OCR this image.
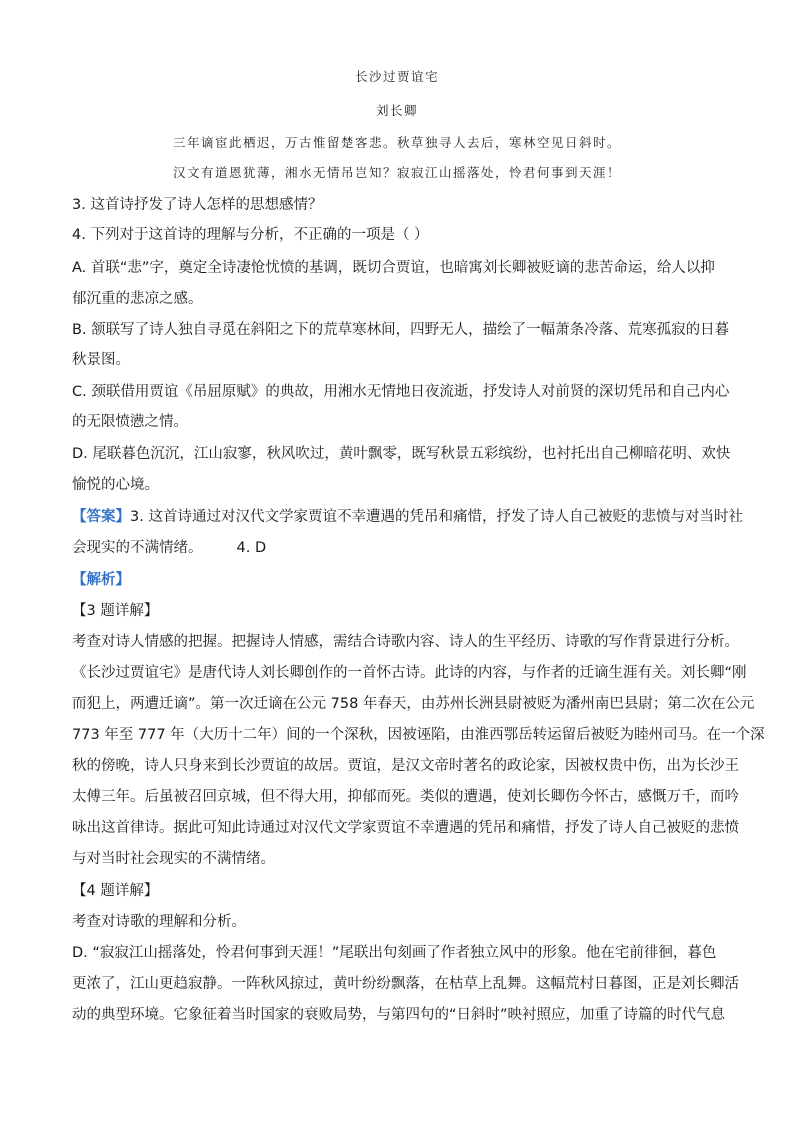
长沙过贾谊宅
刘长卿
三年谪宦此栖迟，万古惟留楚客悲。秋草独寻人去后，寒林空见日斜时。
汉文有道恩犹薄，湘水无情吊岂知？寂寂江山摇落处，怜君何事到天涯！
3. 这首诗抒发了诗人怎样的思想感情？
4. 下列对于这首诗的理解与分析，不正确的一项是（ ）
A. 首联“悲”字，奠定全诗凄怆忧愤的基调，既切合贾谊，也暗寓刘长卿被贬谪的悲苦命运，给人以抑
郁沉重的悲凉之感。
B. 颔联写了诗人独自寻觅在斜阳之下的荒草寒林间，四野无人，描绘了一幅萧条冷落、荒寒孤寂的日暮
秋景图。
C. 颈联借用贾谊《吊屈原赋》的典故，用湘水无情地日夜流逝，抒发诗人对前贤的深切凭吊和自己内心
的无限愤懑之情。
D. 尾联暮色沉沉，江山寂寥，秋风吹过，黄叶飘零，既写秋景五彩缤纷，也衬托出自己柳暗花明、欢快
愉悦的心境。
【答案】3. 这首诗通过对汉代文学家贾谊不幸遭遇的凭吊和痛惜，抒发了诗人自己被贬的悲愤与对当时社
会现实的不满情绪。 4. D
【解析】
【3 题详解】
考查对诗人情感的把握。把握诗人情感，需结合诗歌内容、诗人的生平经历、诗歌的写作背景进行分析。
《长沙过贾谊宅》是唐代诗人刘长卿创作的一首怀古诗。此诗的内容，与作者的迁谪生涯有关。刘长卿“刚
而犯上，两遭迁谪”。第一次迁谪在公元 758 年春天，由苏州长洲县尉被贬为潘州南巴县尉；第二次在公元
773 年至 777 年（大历十二年）间的一个深秋，因被诬陷，由淮西鄂岳转运留后被贬为睦州司马。在一个深
秋的傍晚，诗人只身来到长沙贾谊的故居。贾谊，是汉文帝时著名的政论家，因被权贵中伤，出为长沙王
太傅三年。后虽被召回京城，但不得大用，抑郁而死。类似的遭遇，使刘长卿伤今怀古，感慨万千，而吟
咏出这首律诗。据此可知此诗通过对汉代文学家贾谊不幸遭遇的凭吊和痛惜，抒发了诗人自己被贬的悲愤
与对当时社会现实的不满情绪。
【4 题详解】
考查对诗歌的理解和分析。
D. “寂寂江山摇落处，怜君何事到天涯！”尾联出句刻画了作者独立风中的形象。他在宅前徘徊，暮色
更浓了，江山更趋寂静。一阵秋风掠过，黄叶纷纷飘落，在枯草上乱舞。这幅荒村日暮图，正是刘长卿活
动的典型环境。它象征着当时国家的衰败局势，与第四句的“日斜时”映衬照应，加重了诗篇的时代气息
